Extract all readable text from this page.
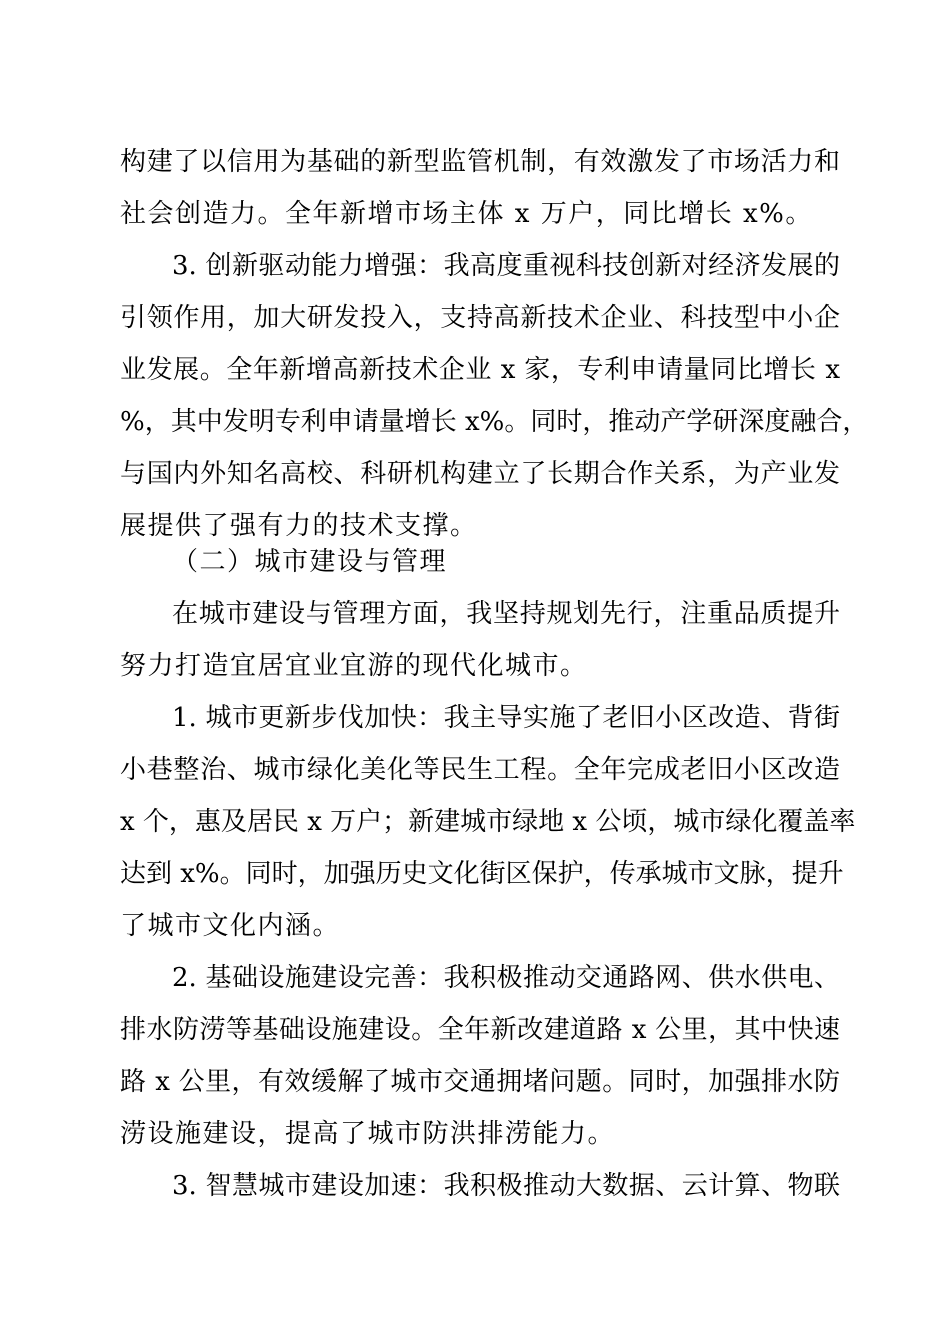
构建了以信用为基础的新型监管机制，有效激发了市场活力和

社会创造力。全年新增市场主体 x 万户，同比增长 x%。

3. 创新驱动能力增强：我高度重视科技创新对经济发展的

引领作用，加大研发投入，支持高新技术企业、科技型中小企

业发展。全年新增高新技术企业 x 家，专利申请量同比增长 x

%，其中发明专利申请量增长 x%。同时，推动产学研深度融合，

与国内外知名高校、科研机构建立了长期合作关系，为产业发

展提供了强有力的技术支撑。

（二）城市建设与管理

在城市建设与管理方面，我坚持规划先行，注重品质提升

努力打造宜居宜业宜游的现代化城市。

1. 城市更新步伐加快：我主导实施了老旧小区改造、背街

小巷整治、城市绿化美化等民生工程。全年完成老旧小区改造

x 个，惠及居民 x 万户；新建城市绿地 x 公顷，城市绿化覆盖率

达到 x%。同时，加强历史文化街区保护，传承城市文脉，提升

了城市文化内涵。

2. 基础设施建设完善：我积极推动交通路网、供水供电、

排水防涝等基础设施建设。全年新改建道路 x 公里，其中快速

路 x 公里，有效缓解了城市交通拥堵问题。同时，加强排水防

涝设施建设，提高了城市防洪排涝能力。

3. 智慧城市建设加速：我积极推动大数据、云计算、物联
